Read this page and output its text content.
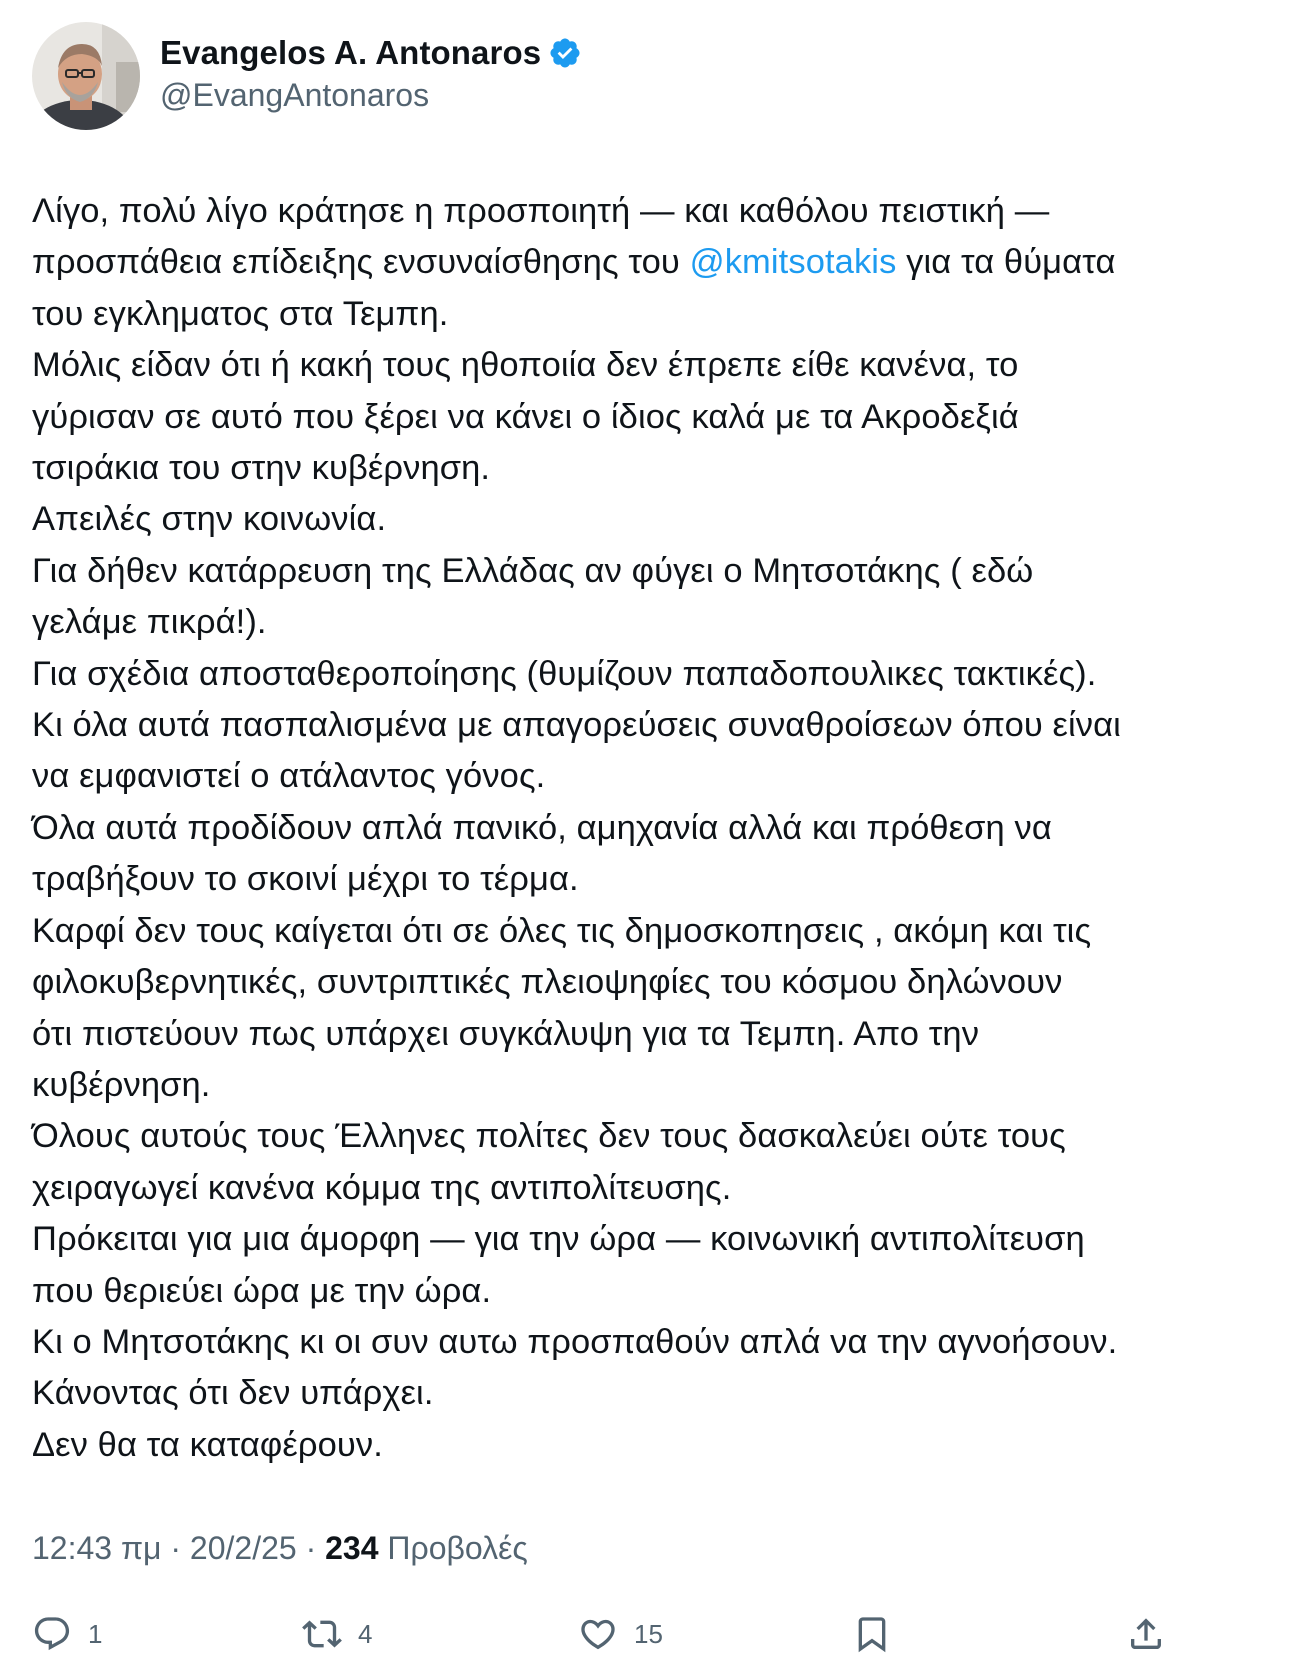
Evangelos A. Antonaros
@EvangAntonaros
Λίγο, πολύ λίγο κράτησε η προσποιητή — και καθόλου πειστική —
προσπάθεια επίδειξης ενσυναίσθησης του @kmitsotakis για τα θύματα
του εγκληματος στα Τεμπη.
Μόλις είδαν ότι ή κακή τους ηθοποιία δεν έπρεπε είθε κανένα, το
γύρισαν σε αυτό που ξέρει να κάνει ο ίδιος καλά με τα Ακροδεξιά
τσιράκια του στην κυβέρνηση.
Απειλές στην κοινωνία.
Για δήθεν κατάρρευση της Ελλάδας αν φύγει ο Μητσοτάκης ( εδώ
γελάμε πικρά!).
Για σχέδια αποσταθεροποίησης (θυμίζουν παπαδοπουλικες τακτικές).
Κι όλα αυτά πασπαλισμένα με απαγορεύσεις συναθροίσεων όπου είναι
να εμφανιστεί ο ατάλαντος γόνος.
Όλα αυτά προδίδουν απλά πανικό, αμηχανία αλλά και πρόθεση να
τραβήξουν το σκοινί μέχρι το τέρμα.
Καρφί δεν τους καίγεται ότι σε όλες τις δημοσκοπησεις , ακόμη και τις
φιλοκυβερνητικές, συντριπτικές πλειοψηφίες του κόσμου δηλώνουν
ότι πιστεύουν πως υπάρχει συγκάλυψη για τα Τεμπη. Απο την
κυβέρνηση.
Όλους αυτούς τους Έλληνες πολίτες δεν τους δασκαλεύει ούτε τους
χειραγωγεί κανένα κόμμα της αντιπολίτευσης.
Πρόκειται για μια άμορφη — για την ώρα — κοινωνική αντιπολίτευση
που θεριεύει ώρα με την ώρα.
Κι ο Μητσοτάκης κι οι συν αυτω προσπαθούν απλά να την αγνοήσουν.
Κάνοντας ότι δεν υπάρχει.
Δεν θα τα καταφέρουν.
12:43 πμ · 20/2/25 · 234 Προβολές
1	4	15
